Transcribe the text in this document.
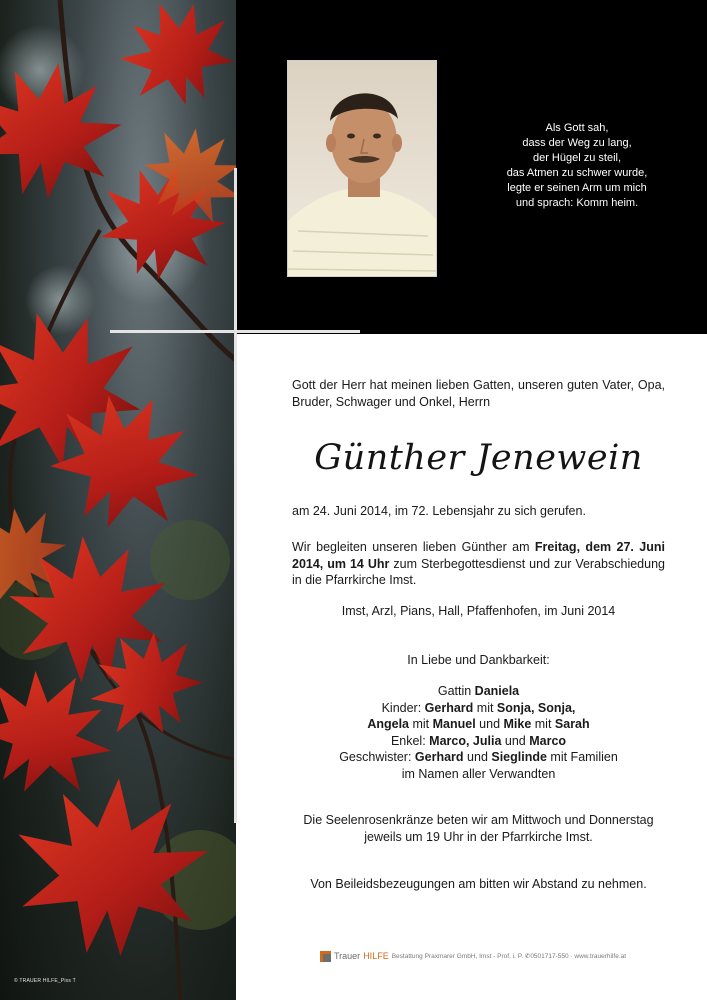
© TRAUER HILFE_Pixs T
Als Gott sah,
dass der Weg zu lang,
der Hügel zu steil,
das Atmen zu schwer wurde,
legte er seinen Arm um mich
und sprach: Komm heim.
Gott der Herr hat meinen lieben Gatten, unseren guten Vater, Opa, Bruder, Schwager und Onkel, Herrn
Günther Jenewein
am 24. Juni 2014, im 72. Lebensjahr zu sich gerufen.
Wir begleiten unseren lieben Günther am Freitag, dem 27. Juni 2014, um 14 Uhr zum Sterbegottesdienst und zur Verabschiedung in die Pfarrkirche Imst.
Imst, Arzl, Pians, Hall, Pfaffenhofen, im Juni 2014
In Liebe und Dankbarkeit:
Gattin Daniela
Kinder: Gerhard mit Sonja, Sonja,
Angela mit Manuel und Mike mit Sarah
Enkel: Marco, Julia und Marco
Geschwister: Gerhard und Sieglinde mit Familien
im Namen aller Verwandten
Die Seelenrosenkränze beten wir am Mittwoch und Donnerstag jeweils um 19 Uhr in der Pfarrkirche Imst.
Von Beileidsbezeugungen am bitten wir Abstand zu nehmen.
Trauer HILFE Bestattung Praxmarer GmbH, Imst - Prof. i. P. ✆0501717-550 · www.trauerhilfe.at
